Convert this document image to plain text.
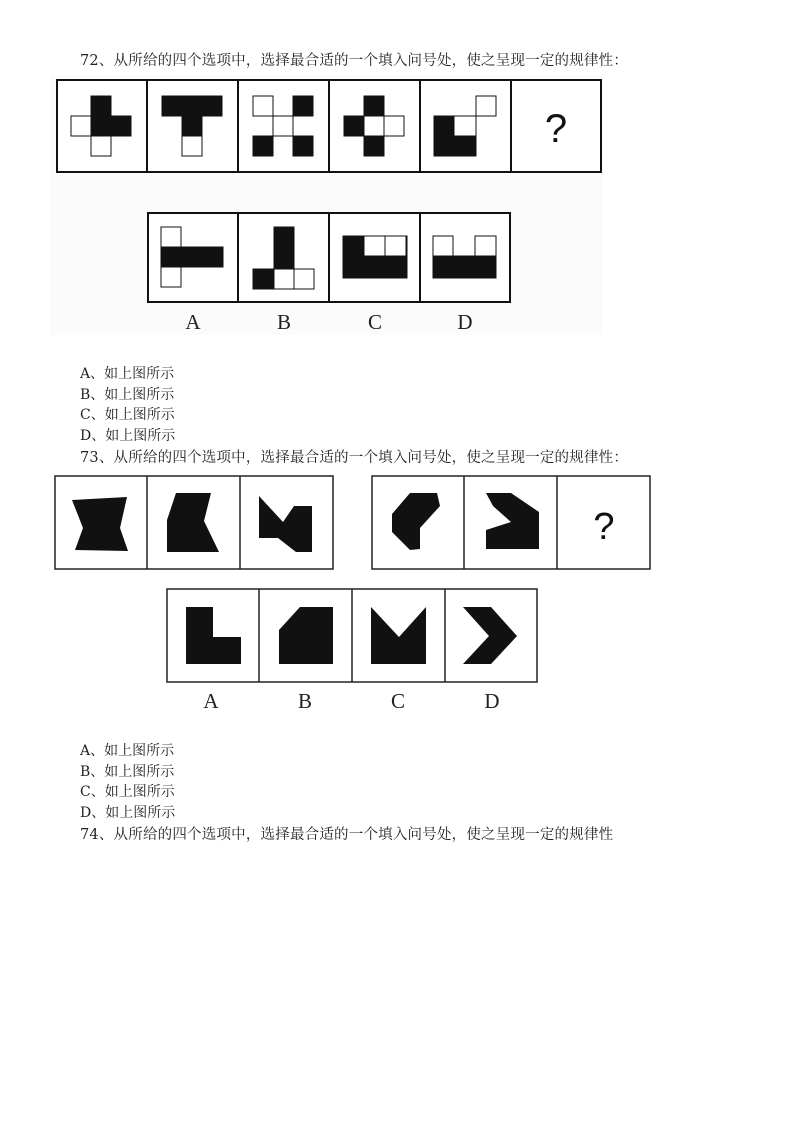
72、从所给的四个选项中，选择最合适的一个填入问号处，使之呈现一定的规律性：
?
A	B	C	D
A、如上图所示
B、如上图所示
C、如上图所示
D、如上图所示
73、从所给的四个选项中，选择最合适的一个填入问号处，使之呈现一定的规律性：
?
A	B	C	D
A、如上图所示
B、如上图所示
C、如上图所示
D、如上图所示
74、从所给的四个选项中，选择最合适的一个填入问号处，使之呈现一定的规律性
